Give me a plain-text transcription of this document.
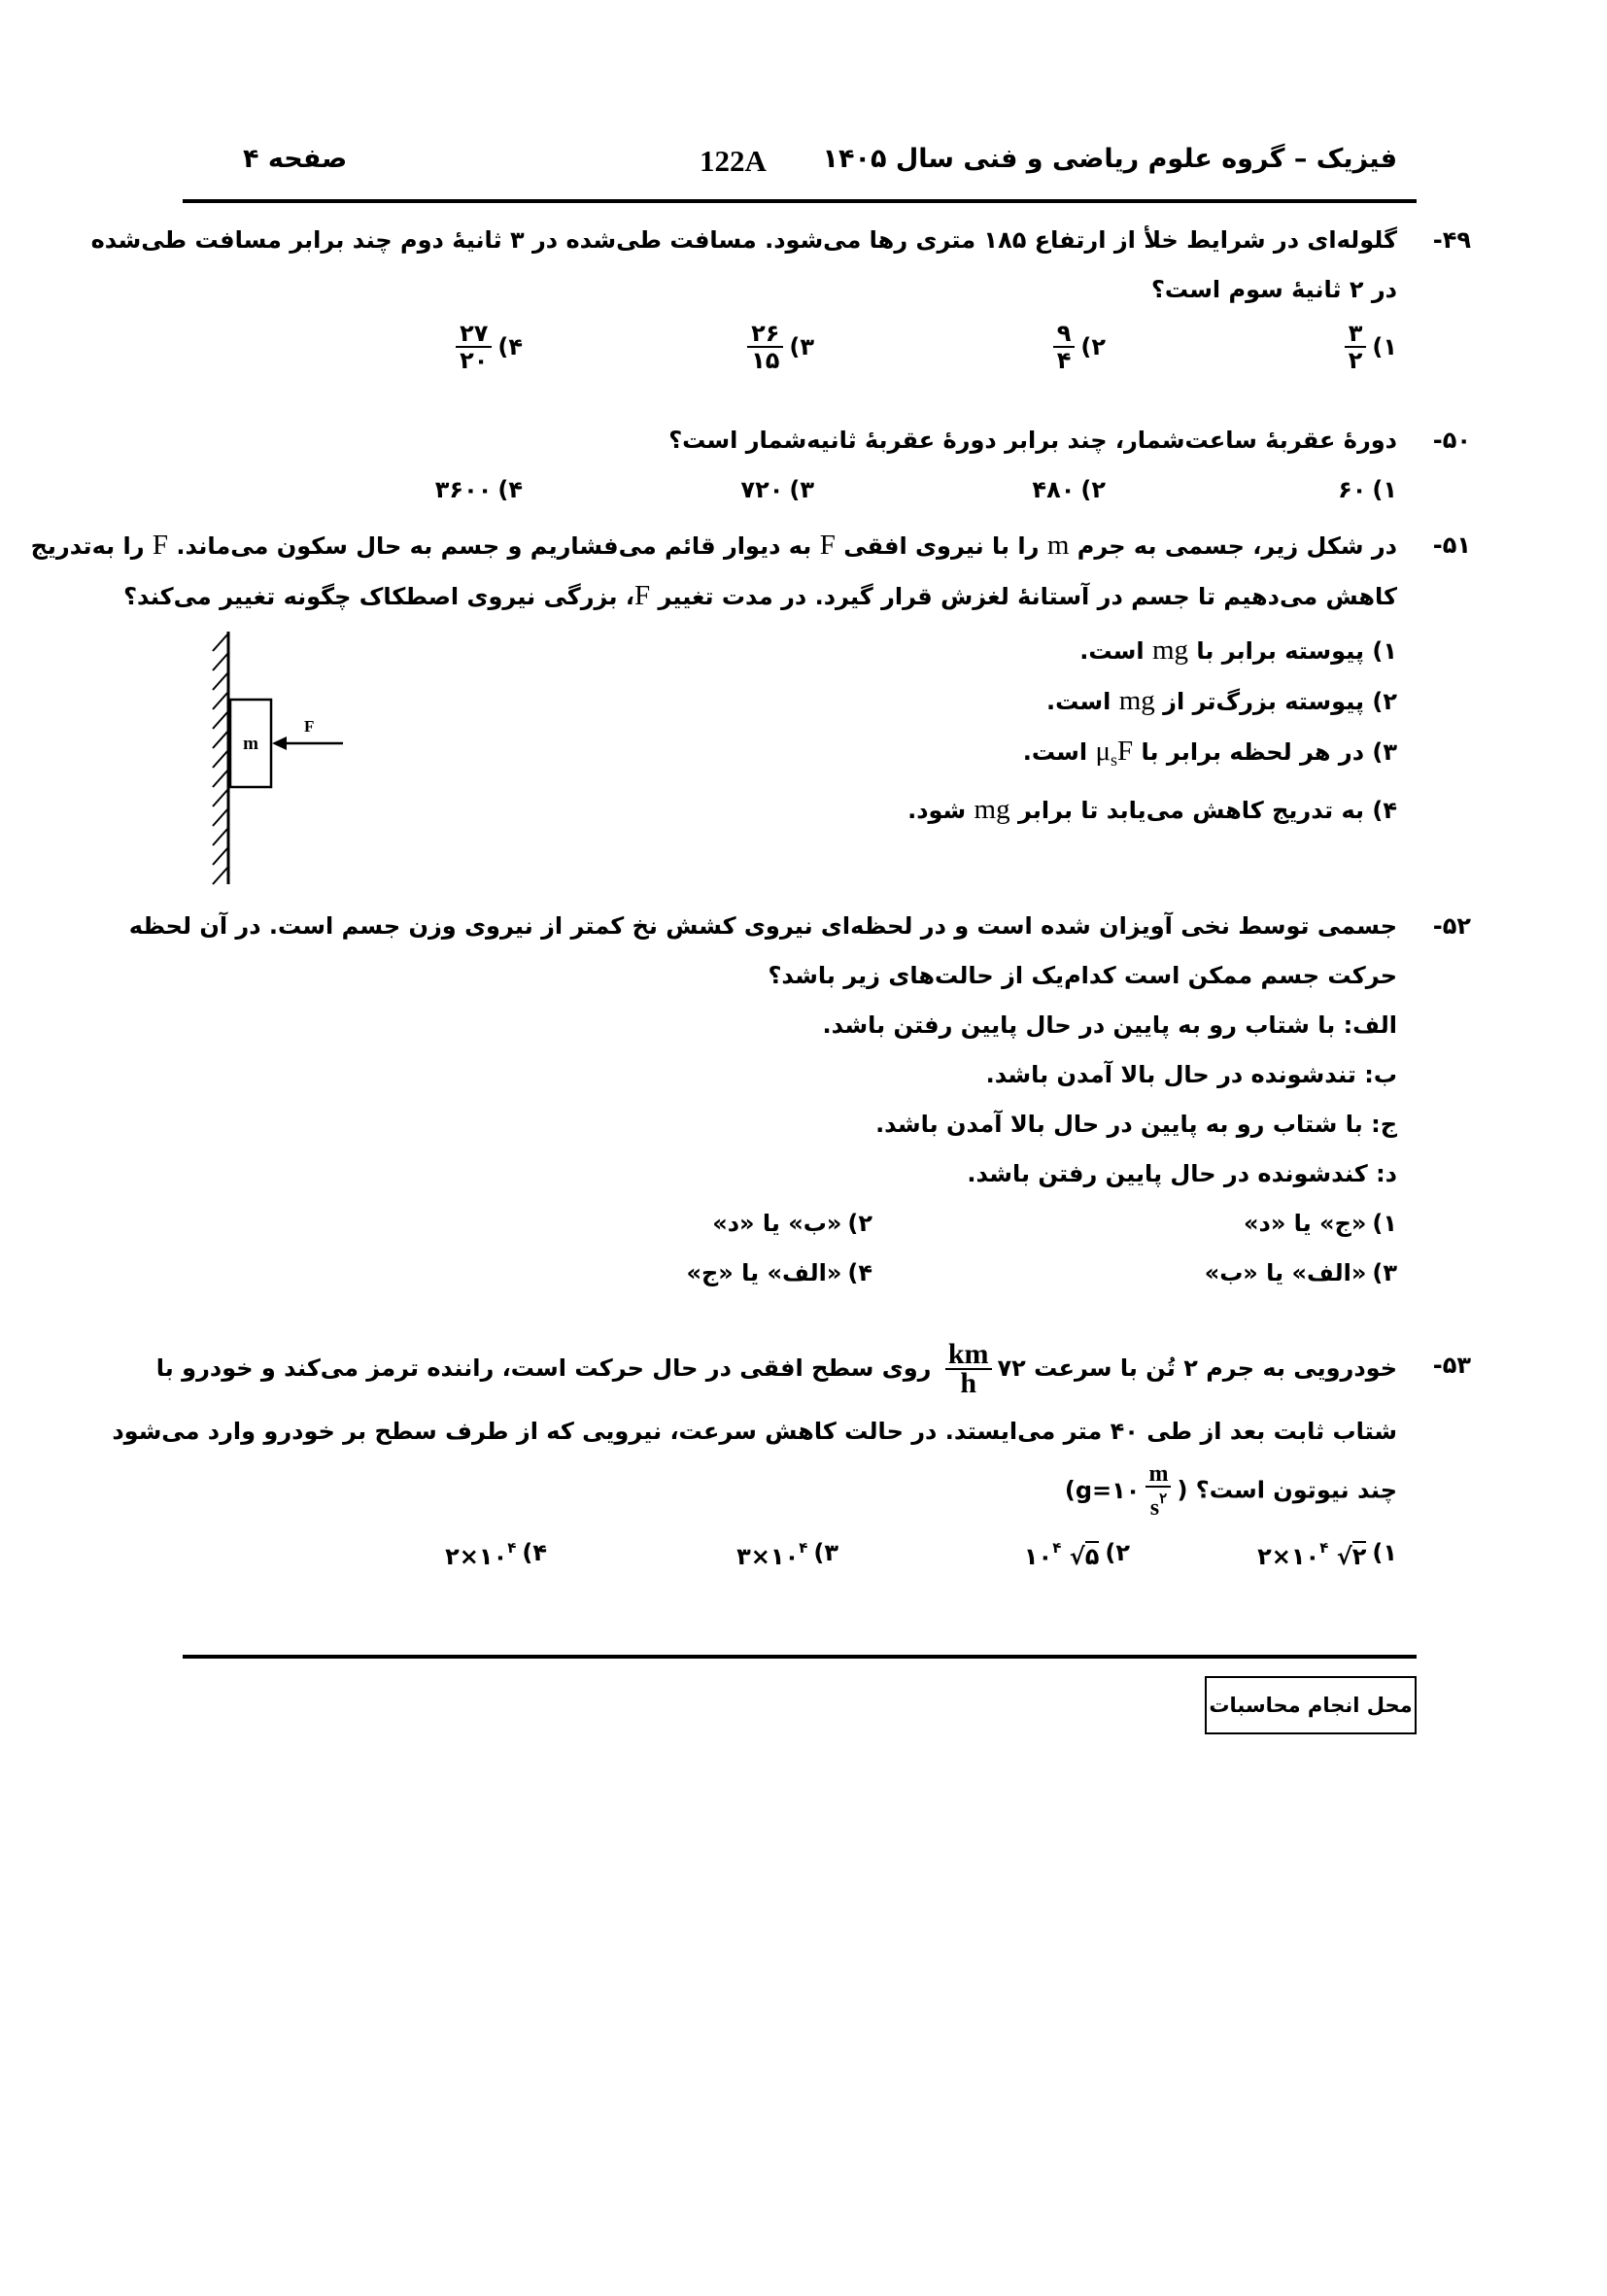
فیزیک – گروه علوم ریاضی و فنی سال ۱۴۰۵
122A
صفحه ۴
۴۹-
گلوله‌ای در شرایط خلأ از ارتفاع ۱۸۵ متری رها می‌شود. مسافت طی‌شده در ۳ ثانیهٔ دوم چند برابر مسافت طی‌شده
در ۲ ثانیهٔ سوم است؟
۱)
$\frac{۳}{۲}$
۲)
$\frac{۹}{۴}$
۳)
$\frac{۲۶}{۱۵}$
۴)
$\frac{۲۷}{۲۰}$
۵۰-
دورهٔ عقربهٔ ساعت‌شمار، چند برابر دورهٔ عقربهٔ ثانیه‌شمار است؟
۱)
۶۰
۲)
۴۸۰
۳)
۷۲۰
۴)
۳۶۰۰
۵۱-
در شکل زیر، جسمی به جرم m را با نیروی افقی F به دیوار قائم می‌فشاریم و جسم به حال سکون می‌ماند. F را به‌تدریج
کاهش می‌دهیم تا جسم در آستانهٔ لغزش قرار گیرد. در مدت تغییر F، بزرگی نیروی اصطکاک چگونه تغییر می‌کند؟
۱) پیوسته برابر با mg است.
۲) پیوسته بزرگ‌تر از mg است.
۳) در هر لحظه برابر با $\mu_sF$ است.
۴) به تدریج کاهش می‌یابد تا برابر mg شود.
m
F
۵۲-
جسمی توسط نخی آویزان شده است و در لحظه‌ای نیروی کشش نخ کمتر از نیروی وزن جسم است. در آن لحظه
حرکت جسم ممکن است کدام‌یک از حالت‌های زیر باشد؟
الف: با شتاب رو به پایین در حال پایین رفتن باشد.
ب: تندشونده در حال بالا آمدن باشد.
ج: با شتاب رو به پایین در حال بالا آمدن باشد.
د: کندشونده در حال پایین رفتن باشد.
۱)
«ج» یا «د»
۲)
«ب» یا «د»
۳)
«الف» یا «ب»
۴)
«الف» یا «ج»
۵۳-
خودرویی به جرم ۲ تُن با سرعت ۷۲
$\frac{km}{h}$
روی سطح افقی در حال حرکت است، راننده ترمز می‌کند و خودرو با
شتاب ثابت بعد از طی ۴۰ متر می‌ایستد. در حالت کاهش سرعت، نیرویی که از طرف سطح بر خودرو وارد می‌شود
چند نیوتون است؟ (g=۱۰ $\frac{m}{s^۲}$
)
۱)
$۲\times ۱۰^۴$ √۲
۲)
$۱۰^۴$ √۵
۳)
$۳\times ۱۰^۴$
۴)
$۲\times ۱۰^۴$
محل انجام محاسبات
